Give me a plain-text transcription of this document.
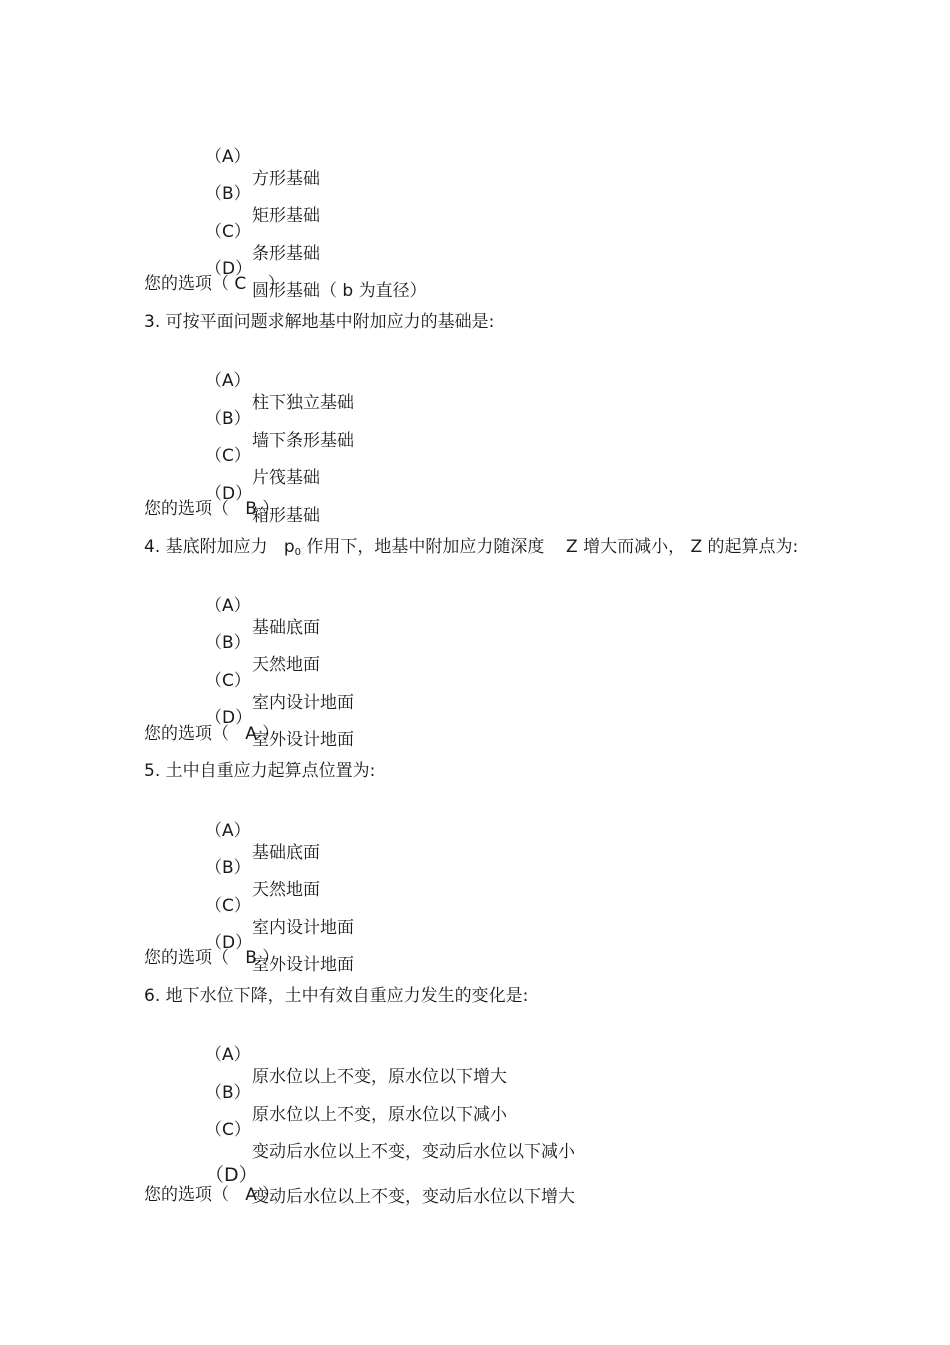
（A）

方形基础

（B）

矩形基础

（C）

条形基础

（D）

圆形基础（ b 为直径）

您的选项（ C    ）
3. 可按平面问题求解地基中附加应力的基础是:

（A）

柱下独立基础

（B）

墙下条形基础

（C）

片筏基础

（D）

箱形基础

您的选项（   B ）
4. 基底附加应力   $p_0$ 作用下，地基中附加应力随深度    Z 增大而减小， Z 的起算点为:

（A）

基础底面

（B）

天然地面

（C）

室内设计地面

（D）

室外设计地面

您的选项（   A ）
5. 土中自重应力起算点位置为:

（A）

基础底面

（B）

天然地面

（C）

室内设计地面

（D）

室外设计地面

您的选项（   B ）
6. 地下水位下降，土中有效自重应力发生的变化是:

（A）

原水位以上不变，原水位以下增大

（B）

原水位以上不变，原水位以下减小

（C）

变动后水位以上不变，变动后水位以下减小

（D）

变动后水位以上不变，变动后水位以下增大

您的选项（   A ）
